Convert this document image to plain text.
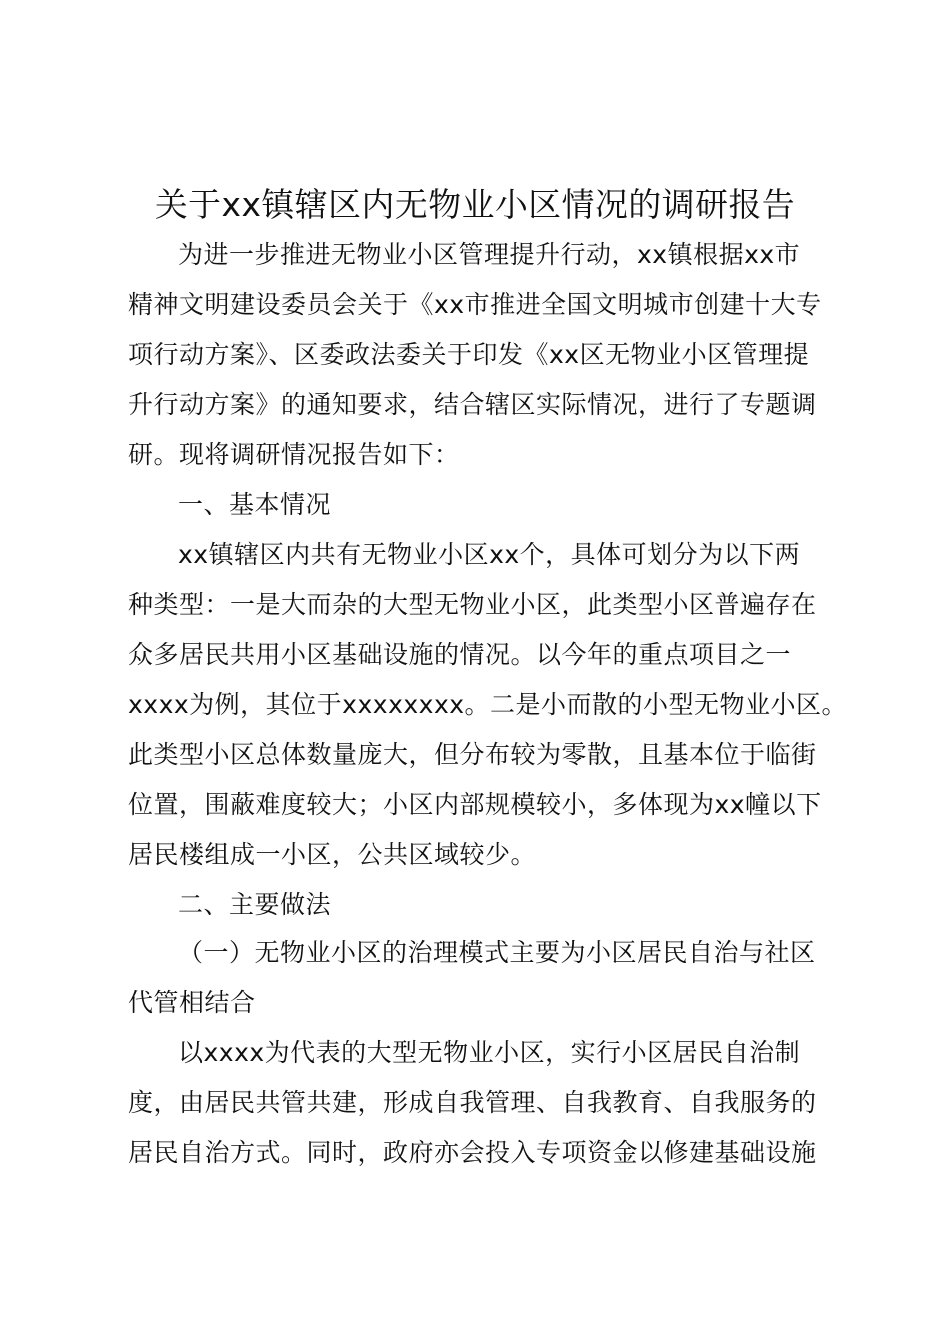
关于xx镇辖区内无物业小区情况的调研报告
为进一步推进无物业小区管理提升行动，xx镇根据xx市
精神文明建设委员会关于《xx市推进全国文明城市创建十大专
项行动方案》、区委政法委关于印发《xx区无物业小区管理提
升行动方案》的通知要求，结合辖区实际情况，进行了专题调
研。现将调研情况报告如下：
一、基本情况
xx镇辖区内共有无物业小区xx个，具体可划分为以下两
种类型：一是大而杂的大型无物业小区，此类型小区普遍存在
众多居民共用小区基础设施的情况。以今年的重点项目之一
xxxx为例，其位于xxxxxxxx。二是小而散的小型无物业小区。
此类型小区总体数量庞大，但分布较为零散，且基本位于临街
位置，围蔽难度较大；小区内部规模较小，多体现为xx幢以下
居民楼组成一小区，公共区域较少。
二、主要做法
（一）无物业小区的治理模式主要为小区居民自治与社区
代管相结合
以xxxx为代表的大型无物业小区，实行小区居民自治制
度，由居民共管共建，形成自我管理、自我教育、自我服务的
居民自治方式。同时，政府亦会投入专项资金以修建基础设施
